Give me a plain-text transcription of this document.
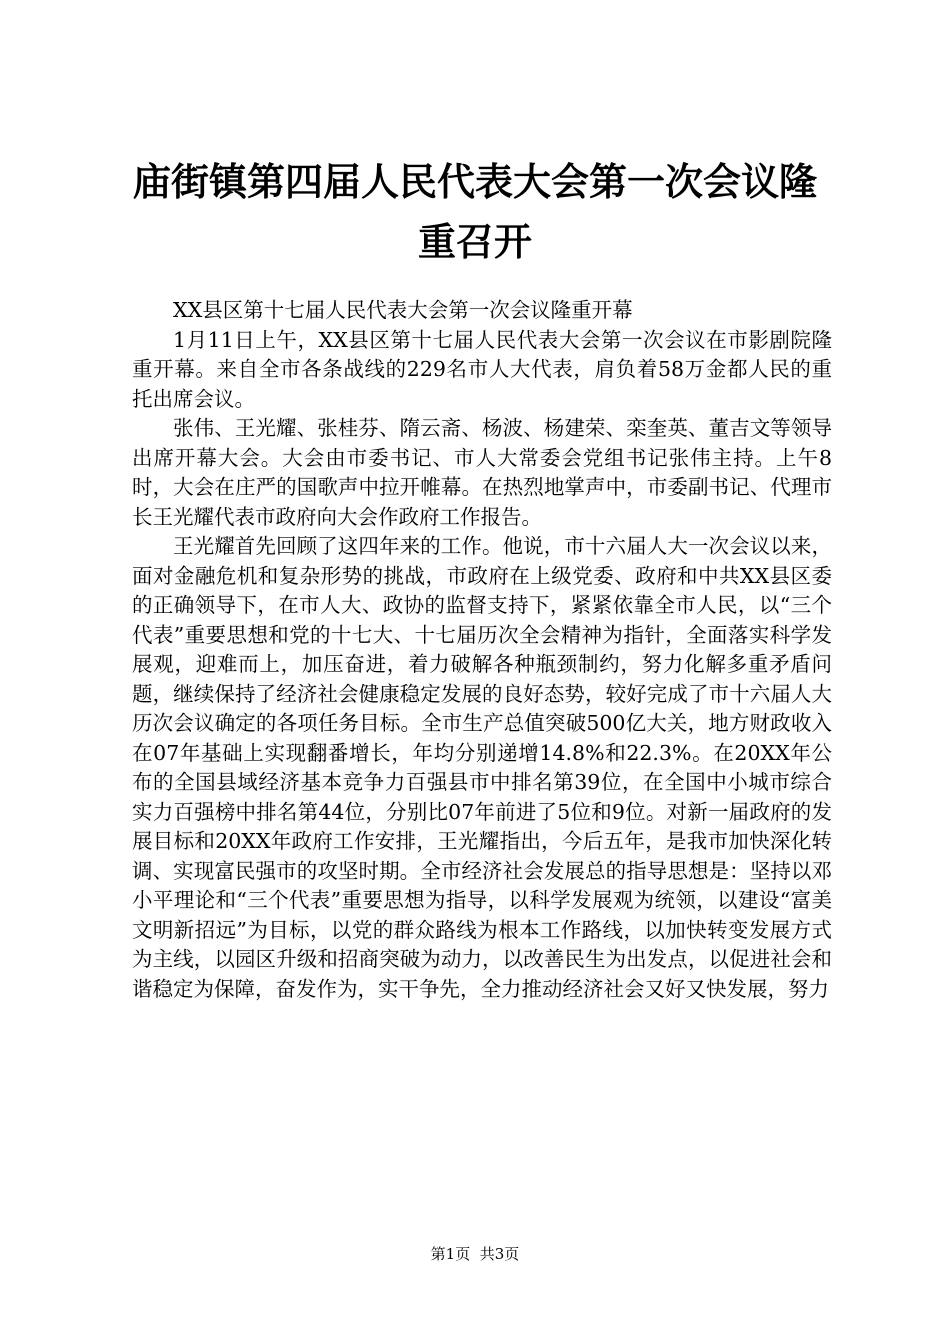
庙街镇第四届人民代表大会第一次会议隆重召开

XX县区第十七届人民代表大会第一次会议隆重开幕

1月11日上午，XX县区第十七届人民代表大会第一次会议在市影剧院隆重开幕。来自全市各条战线的229名市人大代表，肩负着58万金都人民的重托出席会议。

张伟、王光耀、张桂芬、隋云斋、杨波、杨建荣、栾奎英、董吉文等领导出席开幕大会。大会由市委书记、市人大常委会党组书记张伟主持。上午8时，大会在庄严的国歌声中拉开帷幕。在热烈地掌声中，市委副书记、代理市长王光耀代表市政府向大会作政府工作报告。

王光耀首先回顾了这四年来的工作。他说，市十六届人大一次会议以来，面对金融危机和复杂形势的挑战，市政府在上级党委、政府和中共XX县区委的正确领导下，在市人大、政协的监督支持下，紧紧依靠全市人民，以“三个代表”重要思想和党的十七大、十七届历次全会精神为指针，全面落实科学发展观，迎难而上，加压奋进，着力破解各种瓶颈制约，努力化解多重矛盾问题，继续保持了经济社会健康稳定发展的良好态势，较好完成了市十六届人大历次会议确定的各项任务目标。全市生产总值突破500亿大关，地方财政收入在07年基础上实现翻番增长，年均分别递增14.8%和22.3%。在20XX年公布的全国县域经济基本竞争力百强县市中排名第39位，在全国中小城市综合实力百强榜中排名第44位，分别比07年前进了5位和9位。对新一届政府的发展目标和20XX年政府工作安排，王光耀指出，今后五年，是我市加快深化转调、实现富民强市的攻坚时期。全市经济社会发展总的指导思想是：坚持以邓小平理论和“三个代表”重要思想为指导，以科学发展观为统领，以建设“富美文明新招远”为目标，以党的群众路线为根本工作路线，以加快转变发展方式为主线，以园区升级和招商突破为动力，以改善民生为出发点，以促进社会和谐稳定为保障，奋发作为，实干争先，全力推动经济社会又好又快发展，努力

第1页 共3页
